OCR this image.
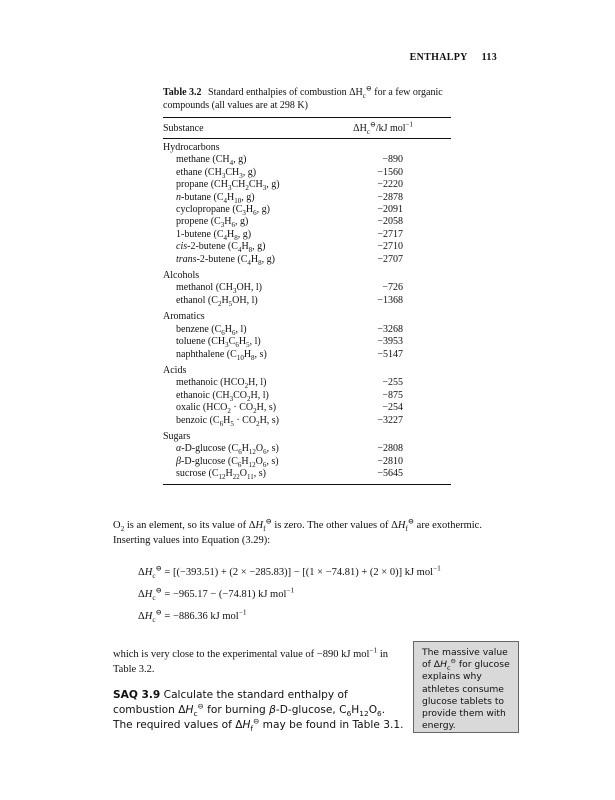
ENTHALPY 113
Table 3.2 Standard enthalpies of combustion $\Delta H_c^⊖$ for a few organic compounds (all values are at 298 K)
Substance	$\Delta H_c^⊖/kJ$ mol$^{-1}$
Hydrocarbons
methane ($CH_4$, g)	−890
ethane ($CH_3CH_3$, g)	−1560
propane ($CH_3CH_2CH_3$, g)	−2220
n-butane ($C_4H_{10}$, g)	−2878
cyclopropane ($C_3H_6$, g)	−2091
propene ($C_3H_6$, g)	−2058
1-butene ($C_4H_8$, g)	−2717
cis-2-butene ($C_4H_8$, g)	−2710
trans-2-butene ($C_4H_8$, g)	−2707
Alcohols
methanol ($CH_3OH$, l)	−726
ethanol ($C_2H_5OH$, l)	−1368
Aromatics
benzene ($C_6H_6$, l)	−3268
toluene ($CH_3C_6H_5$, l)	−3953
naphthalene ($C_{10}H_8$, s)	−5147
Acids
methanoic ($HCO_2H$, l)	−255
ethanoic ($CH_3CO_2H$, l)	−875
oxalic ($HCO_2 \cdot CO_2H$, s)	−254
benzoic ($C_6H_5 \cdot CO_2H$, s)	−3227
Sugars
α-D-glucose ($C_6H_{12}O_6$, s)	−2808
β-D-glucose ($C_6H_{12}O_6$, s)	−2810
sucrose ($C_{12}H_{22}O_{11}$, s)	−5645
$O_2$ is an element, so its value of $\Delta H_f^⊖$ is zero. The other values of $\Delta H_f^⊖$ are exothermic. Inserting values into Equation (3.29):
$\Delta H_c^⊖ = [(-393.51) + (2 \times -285.83)] - [(1 \times -74.81) + (2 \times 0)]$ kJ mol$^{-1}$
$\Delta H_c^⊖ = -965.17 - (-74.81)$ kJ mol$^{-1}$
$\Delta H_c^⊖ = -886.36$ kJ mol$^{-1}$
which is very close to the experimental value of −890 kJ mol$^{-1}$ in Table 3.2.
SAQ 3.9 Calculate the standard enthalpy of combustion $\Delta H_c^⊖$ for burning β-D-glucose, $C_6H_{12}O_6$. The required values of $\Delta H_f^⊖$ may be found in Table 3.1.
The massive value of $\Delta H_c^⊖$ for glucose explains why athletes consume glucose tablets to provide them with energy.
